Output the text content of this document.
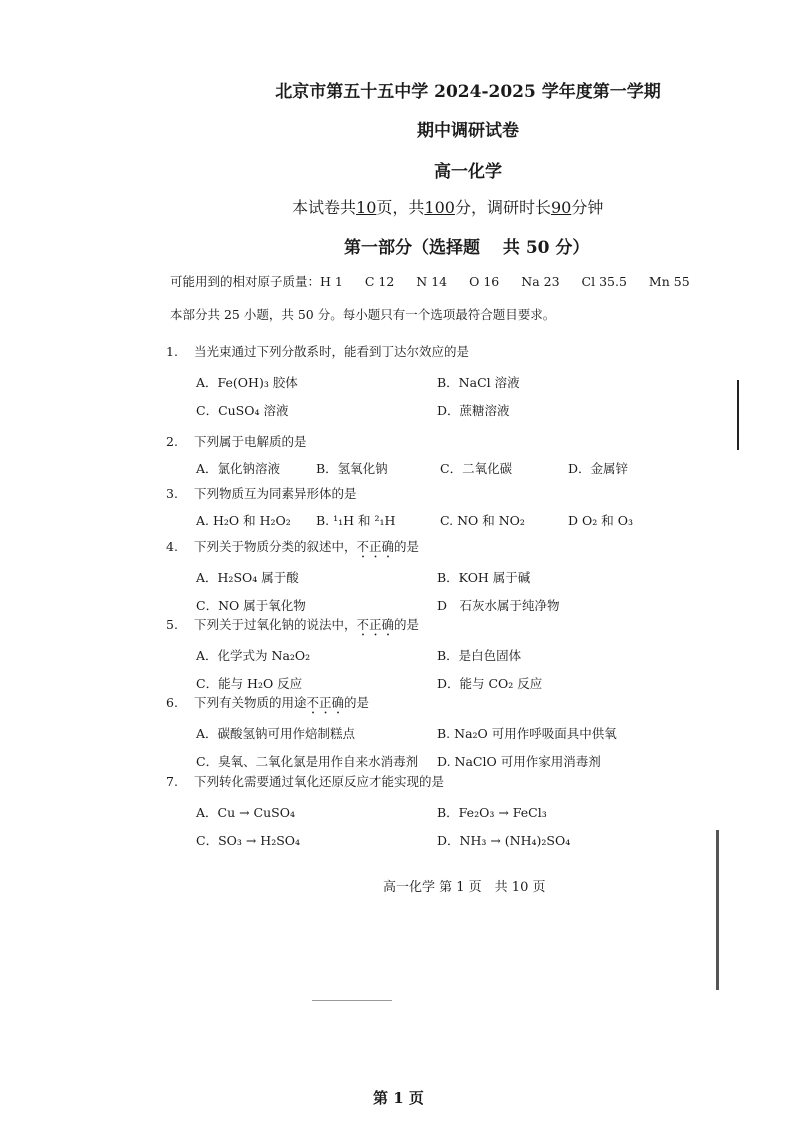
北京市第五十五中学 2024-2025 学年度第一学期
期中调研试卷
高一化学
本试卷共10页，共100分，调研时长90分钟
第一部分（选择题　 共 50 分）
可能用到的相对原子质量：H 1 C 12 N 14 O 16 Na 23 Cl 35.5 Mn 55
本部分共 25 小题，共 50 分。每小题只有一个选项最符合题目要求。
1. 当光束通过下列分散系时，能看到丁达尔效应的是
A．Fe(OH)₃ 胶体	B．NaCl 溶液
C．CuSO₄ 溶液	D．蔗糖溶液
2. 下列属于电解质的是
A．氯化钠溶液	B．氢氧化钠	C．二氧化碳	D．金属锌
3. 下列物质互为同素异形体的是
A. H₂O 和 H₂O₂ B. ¹₁H 和 ²₁H	C. NO 和 NO₂	D O₂ 和 O₃
4. 下列关于物质分类的叙述中，不正确的是
A．H₂SO₄ 属于酸	B．KOH 属于碱
C．NO 属于氧化物	D　石灰水属于纯净物
5. 下列关于过氧化钠的说法中，不正确的是
A．化学式为 Na₂O₂	B．是白色固体
C．能与 H₂O 反应	D．能与 CO₂ 反应
6. 下列有关物质的用途不正确的是
A．碳酸氢钠可用作焙制糕点	B. Na₂O 可用作呼吸面具中供氧
C．臭氧、二氧化氯是用作自来水消毒剂 D. NaClO 可用作家用消毒剂
7. 下列转化需要通过氧化还原反应才能实现的是
A．Cu → CuSO₄	B．Fe₂O₃ → FeCl₃
C．SO₃ → H₂SO₄	D．NH₃ → (NH₄)₂SO₄
高一化学 第 1 页　共 10 页
第 1 页
